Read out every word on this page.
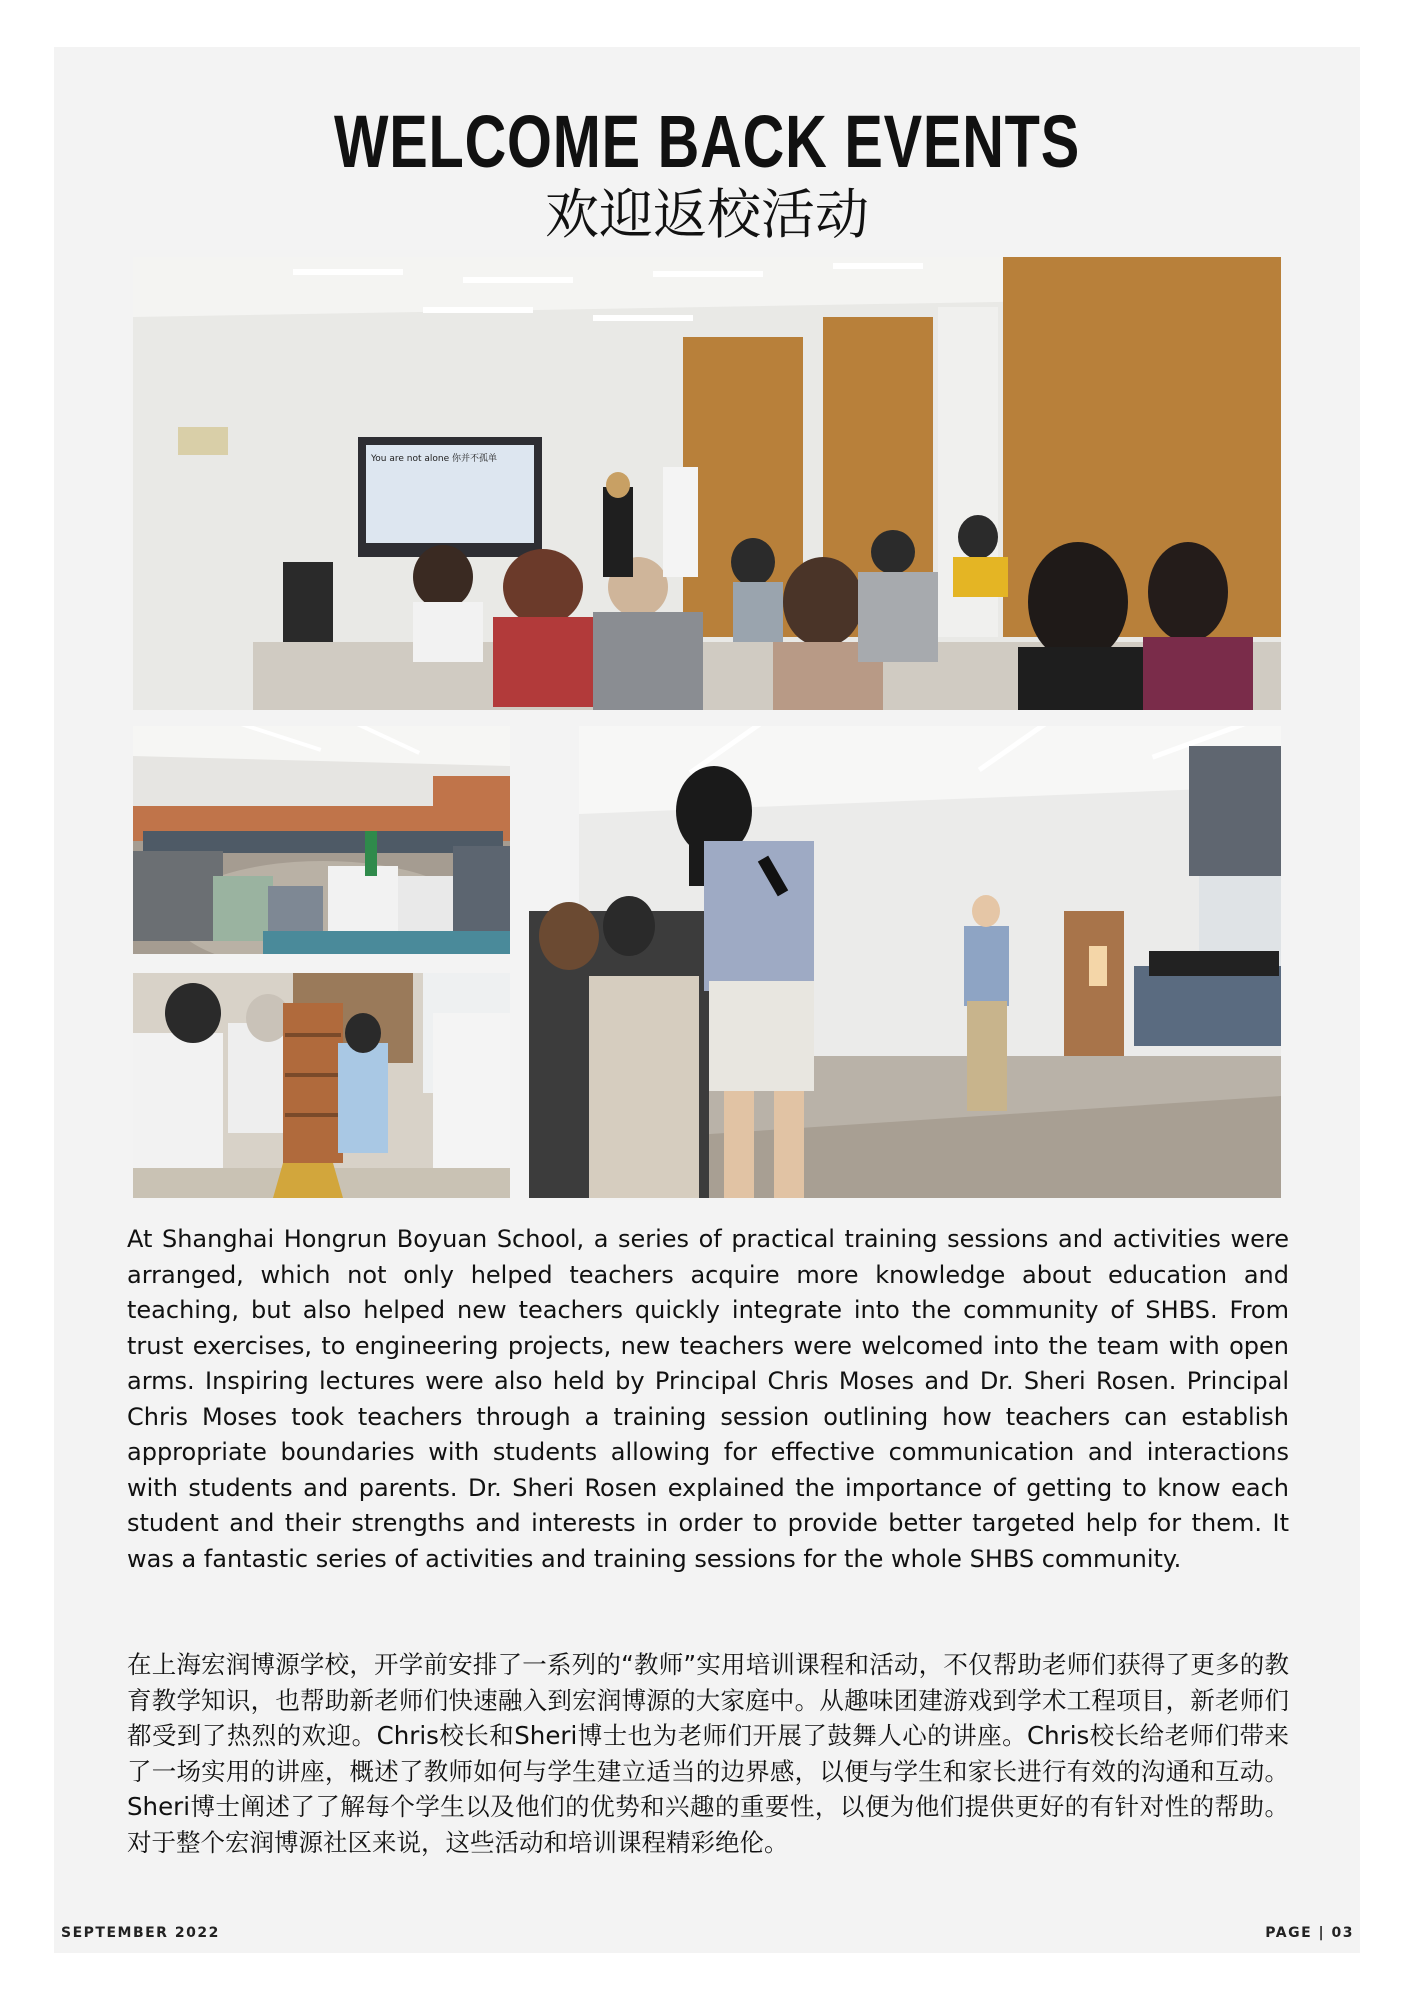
WELCOME BACK EVENTS
欢迎返校活动
You are not alone 你并不孤单

At Shanghai Hongrun Boyuan School, a series of practical training sessions and activities were arranged, which not only helped teachers acquire more knowledge about education and teaching, but also helped new teachers quickly integrate into the community of SHBS. From trust exercises, to engineering projects, new teachers were welcomed into the team with open arms. Inspiring lectures were also held by Principal Chris Moses and Dr. Sheri Rosen. Principal Chris Moses took teachers through a training session outlining how teachers can establish appropriate boundaries with students allowing for effective communication and interactions with students and parents. Dr. Sheri Rosen explained the importance of getting to know each student and their strengths and interests in order to provide better targeted help for them. It was a fantastic series of activities and training sessions for the whole SHBS community.

在上海宏润博源学校，开学前安排了一系列的“教师”实用培训课程和活动，不仅帮助老师们获得了更多的教育教学知识，也帮助新老师们快速融入到宏润博源的大家庭中。从趣味团建游戏到学术工程项目，新老师们都受到了热烈的欢迎。Chris校长和Sheri博士也为老师们开展了鼓舞人心的讲座。Chris校长给老师们带来了一场实用的讲座，概述了教师如何与学生建立适当的边界感，以便与学生和家长进行有效的沟通和互动。Sheri博士阐述了了解每个学生以及他们的优势和兴趣的重要性，以便为他们提供更好的有针对性的帮助。对于整个宏润博源社区来说，这些活动和培训课程精彩绝伦。

SEPTEMBER 2022	PAGE | 03
